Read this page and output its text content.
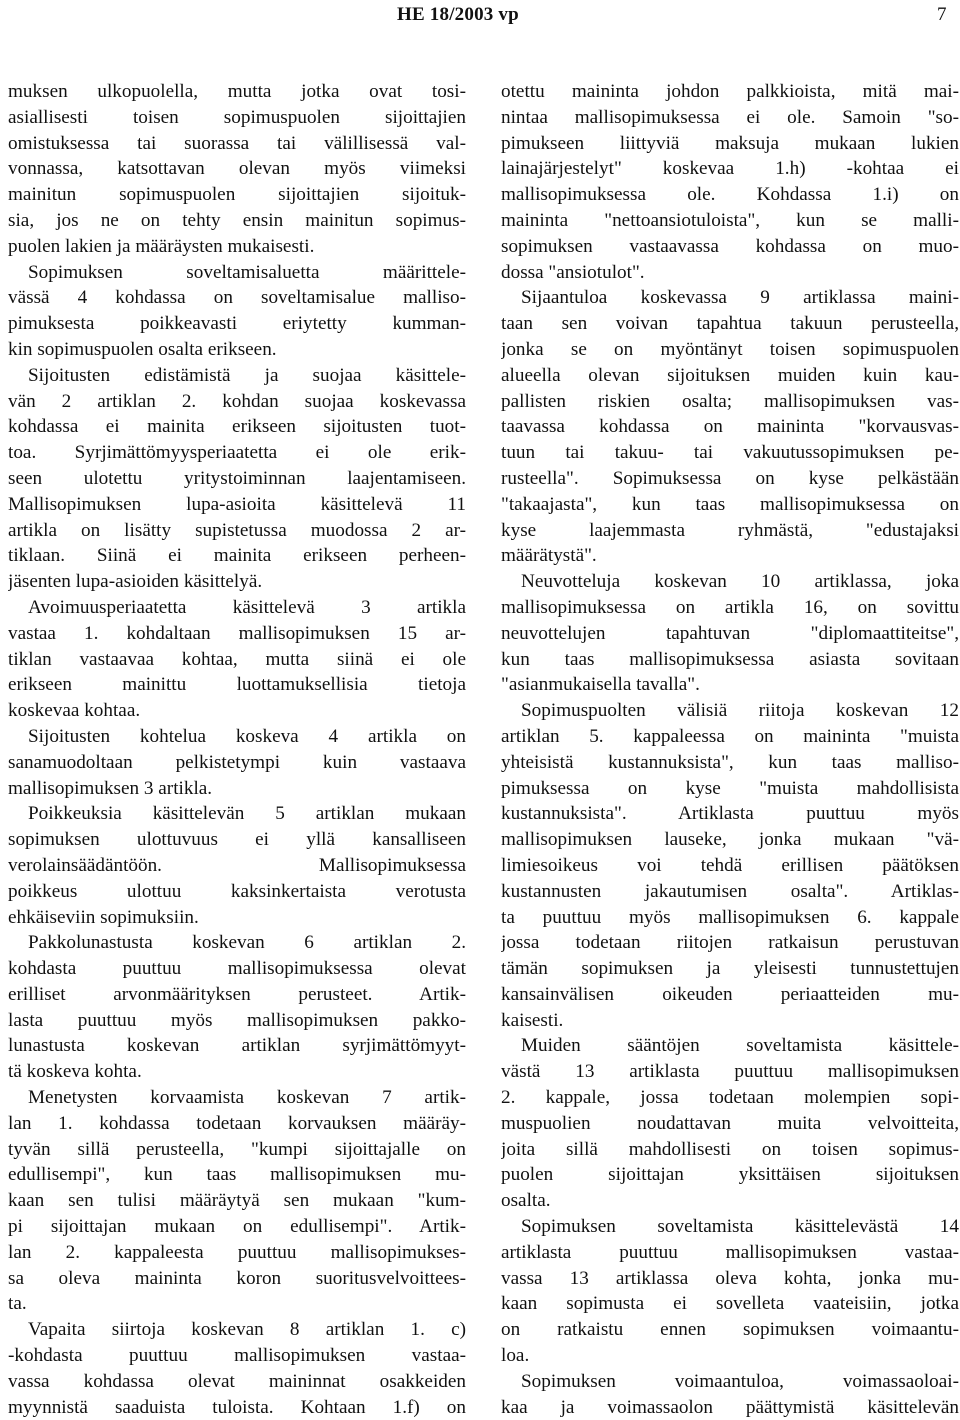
HE 18/2003 vp	7
muksen ulkopuolella, mutta jotka ovat tosi-
asiallisesti toisen sopimuspuolen sijoittajien
omistuksessa tai suorassa tai välillisessä val-
vonnassa, katsottavan olevan myös viimeksi
mainitun sopimuspuolen sijoittajien sijoituk-
sia, jos ne on tehty ensin mainitun sopimus-
puolen lakien ja määräysten mukaisesti.
Sopimuksen soveltamisaluetta määrittele-
vässä 4 kohdassa on soveltamisalue malliso-
pimuksesta poikkeavasti eriytetty kumman-
kin sopimuspuolen osalta erikseen.
Sijoitusten edistämistä ja suojaa käsittele-
vän 2 artiklan 2. kohdan suojaa koskevassa
kohdassa ei mainita erikseen sijoitusten tuot-
toa. Syrjimättömyysperiaatetta ei ole erik-
seen ulotettu yritystoiminnan laajentamiseen.
Mallisopimuksen lupa-asioita käsittelevä 11
artikla on lisätty supistetussa muodossa 2 ar-
tiklaan. Siinä ei mainita erikseen perheen-
jäsenten lupa-asioiden käsittelyä.
Avoimuusperiaatetta käsittelevä 3 artikla
vastaa 1. kohdaltaan mallisopimuksen 15 ar-
tiklan vastaavaa kohtaa, mutta siinä ei ole
erikseen mainittu luottamuksellisia tietoja
koskevaa kohtaa.
Sijoitusten kohtelua koskeva 4 artikla on
sanamuodoltaan pelkistetympi kuin vastaava
mallisopimuksen 3 artikla.
Poikkeuksia käsittelevän 5 artiklan mukaan
sopimuksen ulottuvuus ei yllä kansalliseen
verolainsäädäntöön. Mallisopimuksessa
poikkeus ulottuu kaksinkertaista verotusta
ehkäiseviin sopimuksiin.
Pakkolunastusta koskevan 6 artiklan 2.
kohdasta puuttuu mallisopimuksessa olevat
erilliset arvonmäärityksen perusteet. Artik-
lasta puuttuu myös mallisopimuksen pakko-
lunastusta koskevan artiklan syrjimättömyyt-
tä koskeva kohta.
Menetysten korvaamista koskevan 7 artik-
lan 1. kohdassa todetaan korvauksen määräy-
tyvän sillä perusteella, "kumpi sijoittajalle on
edullisempi", kun taas mallisopimuksen mu-
kaan sen tulisi määräytyä sen mukaan "kum-
pi sijoittajan mukaan on edullisempi". Artik-
lan 2. kappaleesta puuttuu mallisopimukses-
sa oleva maininta koron suoritusvelvoittees-
ta.
Vapaita siirtoja koskevan 8 artiklan 1. c)
-kohdasta puuttuu mallisopimuksen vastaa-
vassa kohdassa olevat maininnat osakkeiden
myynnistä saaduista tuloista. Kohtaan 1.f) on
otettu maininta johdon palkkioista, mitä mai-
nintaa mallisopimuksessa ei ole. Samoin "so-
pimukseen liittyviä maksuja mukaan lukien
lainajärjestelyt" koskevaa 1.h) -kohtaa ei
mallisopimuksessa ole. Kohdassa 1.i) on
maininta "nettoansiotuloista", kun se malli-
sopimuksen vastaavassa kohdassa on muo-
dossa "ansiotulot".
Sijaantuloa koskevassa 9 artiklassa maini-
taan sen voivan tapahtua takuun perusteella,
jonka se on myöntänyt toisen sopimuspuolen
alueella olevan sijoituksen muiden kuin kau-
pallisten riskien osalta; mallisopimuksen vas-
taavassa kohdassa on maininta "korvausvas-
tuun tai takuu- tai vakuutussopimuksen pe-
rusteella". Sopimuksessa on kyse pelkästään
"takaajasta", kun taas mallisopimuksessa on
kyse laajemmasta ryhmästä, "edustajaksi
määrätystä".
Neuvotteluja koskevan 10 artiklassa, joka
mallisopimuksessa on artikla 16, on sovittu
neuvottelujen tapahtuvan "diplomaattiteitse",
kun taas mallisopimuksessa asiasta sovitaan
"asianmukaisella tavalla".
Sopimuspuolten välisiä riitoja koskevan 12
artiklan 5. kappaleessa on maininta "muista
yhteisistä kustannuksista", kun taas malliso-
pimuksessa on kyse "muista mahdollisista
kustannuksista". Artiklasta puuttuu myös
mallisopimuksen lauseke, jonka mukaan "vä-
limiesoikeus voi tehdä erillisen päätöksen
kustannusten jakautumisen osalta". Artiklas-
ta puuttuu myös mallisopimuksen 6. kappale
jossa todetaan riitojen ratkaisun perustuvan
tämän sopimuksen ja yleisesti tunnustettujen
kansainvälisen oikeuden periaatteiden mu-
kaisesti.
Muiden sääntöjen soveltamista käsittele-
västä 13 artiklasta puuttuu mallisopimuksen
2. kappale, jossa todetaan molempien sopi-
muspuolien noudattavan muita velvoitteita,
joita sillä mahdollisesti on toisen sopimus-
puolen sijoittajan yksittäisen sijoituksen
osalta.
Sopimuksen soveltamista käsittelevästä 14
artiklasta puuttuu mallisopimuksen vastaa-
vassa 13 artiklassa oleva kohta, jonka mu-
kaan sopimusta ei sovelleta vaateisiin, jotka
on ratkaistu ennen sopimuksen voimaantu-
loa.
Sopimuksen voimaantuloa, voimassaoloai-
kaa ja voimassaolon päättymistä käsittelevän
